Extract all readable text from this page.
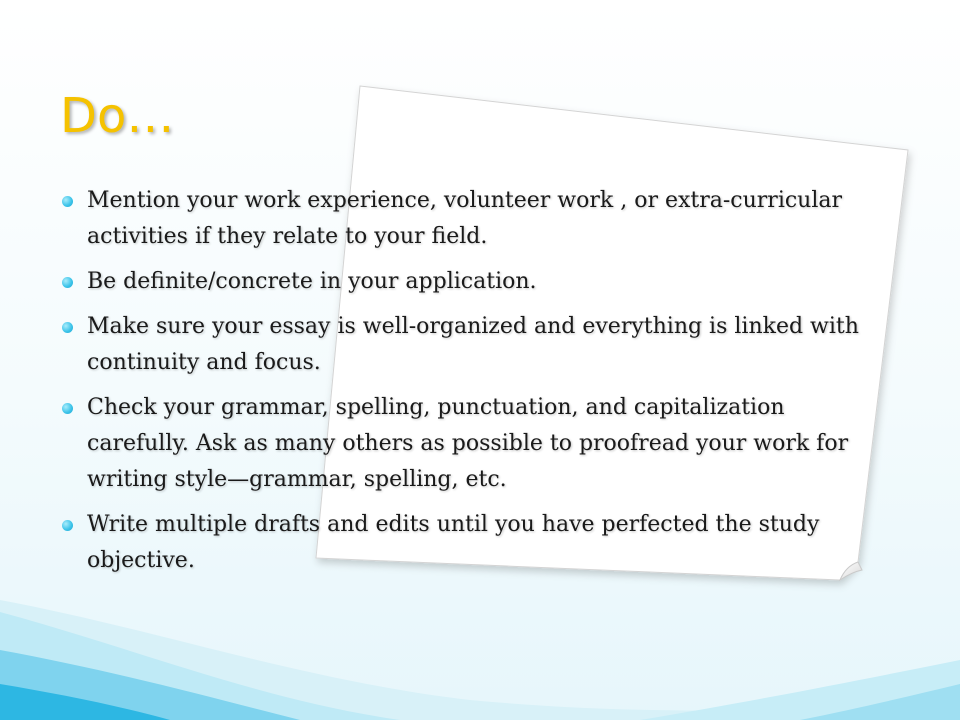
Do…
Mention your work experience, volunteer work , or extra-curricular activities if they relate to your field.
Be definite/concrete in your application.
Make sure your essay is well-organized and everything is linked with continuity and focus.
Check your grammar, spelling, punctuation, and capitalization carefully. Ask as many others as possible to proofread your work for writing style—grammar, spelling, etc.
Write multiple drafts and edits until you have perfected the study objective.
